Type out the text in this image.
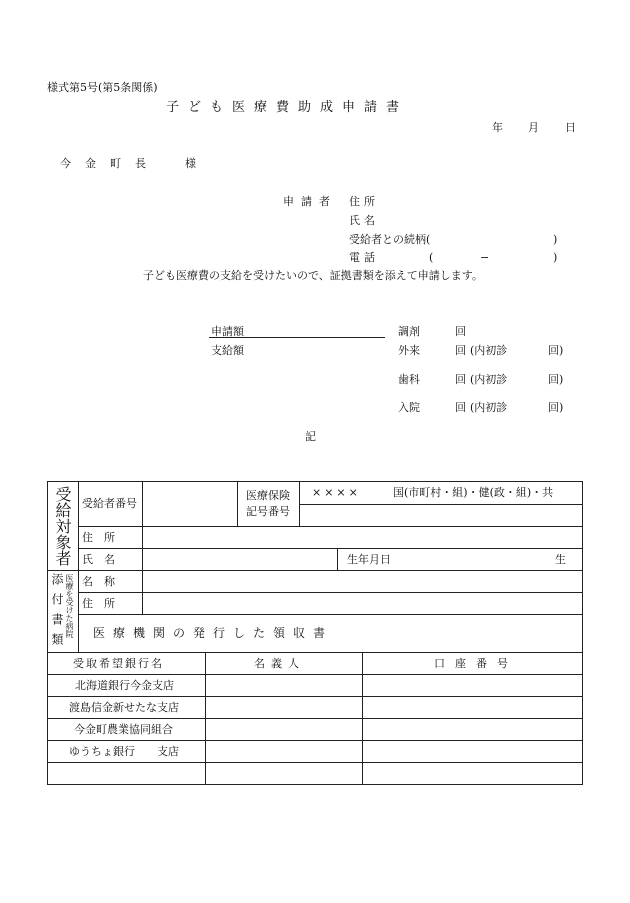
様式第5号(第5条関係)
子ども医療費助成申請書
年 月 日
今金町長　様
申請者 住所
氏名
受給者との続柄(	)
電話	(	−	)
子ども医療費の支給を受けたいので、証拠書類を添えて申請します。
申請額
支給額
調剤	回
外来	回 (内初診	回)
歯科	回 (内初診	回)
入院	回 (内初診	回)
記
受給対象者 受給者番号
医療保険
記号番号
××××	国(市町村・組)・健(政・組)・共
住　所
氏　名	生年月日	生
添付書類 医療を受けた病院 名　称
住　所
医療機関の発行した領収書
受取希望銀行名	名義人	口座番号
北海道銀行今金支店
渡島信金新せたな支店
今金町農業協同組合
ゆうちょ銀行　　支店
